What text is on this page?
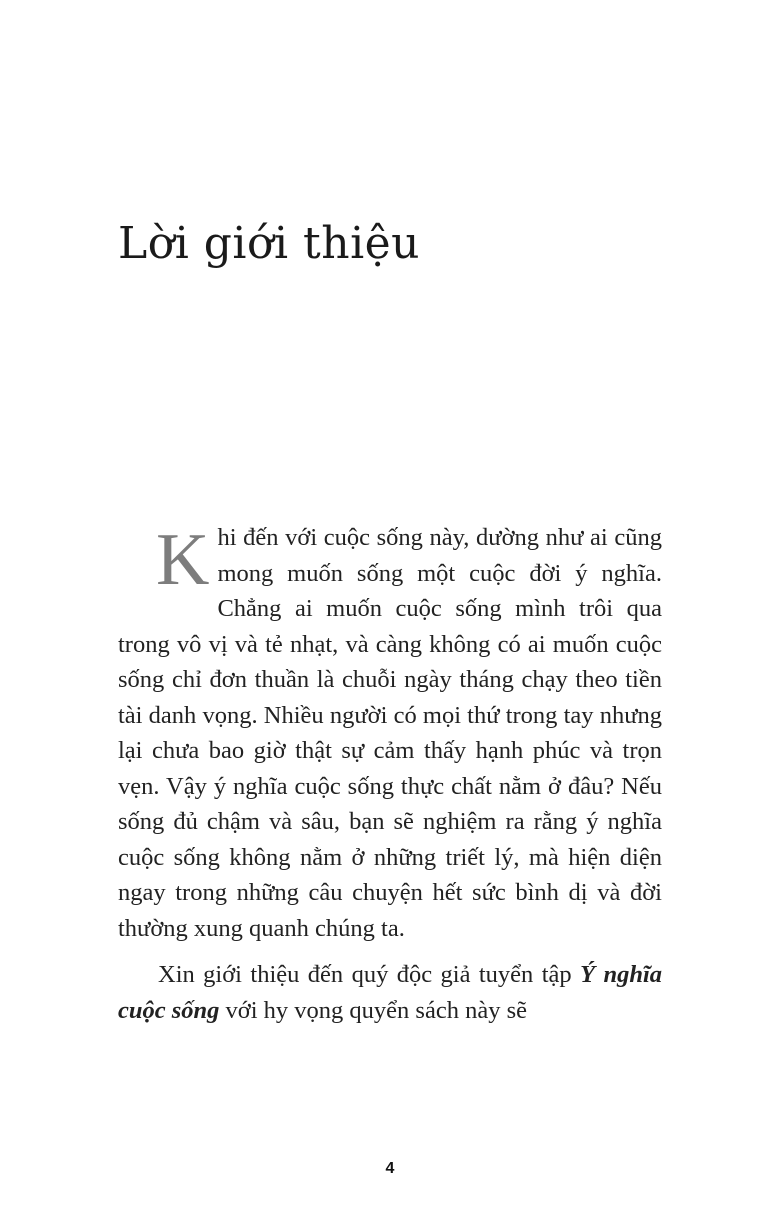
Lời giới thiệu

Khi đến với cuộc sống này, dường như ai cũng mong muốn sống một cuộc đời ý nghĩa. Chẳng ai muốn cuộc sống mình trôi qua trong vô vị và tẻ nhạt, và càng không có ai muốn cuộc sống chỉ đơn thuần là chuỗi ngày tháng chạy theo tiền tài danh vọng. Nhiều người có mọi thứ trong tay nhưng lại chưa bao giờ thật sự cảm thấy hạnh phúc và trọn vẹn. Vậy ý nghĩa cuộc sống thực chất nằm ở đâu? Nếu sống đủ chậm và sâu, bạn sẽ nghiệm ra rằng ý nghĩa cuộc sống không nằm ở những triết lý, mà hiện diện ngay trong những câu chuyện hết sức bình dị và đời thường xung quanh chúng ta.

Xin giới thiệu đến quý độc giả tuyển tập Ý nghĩa cuộc sống với hy vọng quyển sách này sẽ

4
